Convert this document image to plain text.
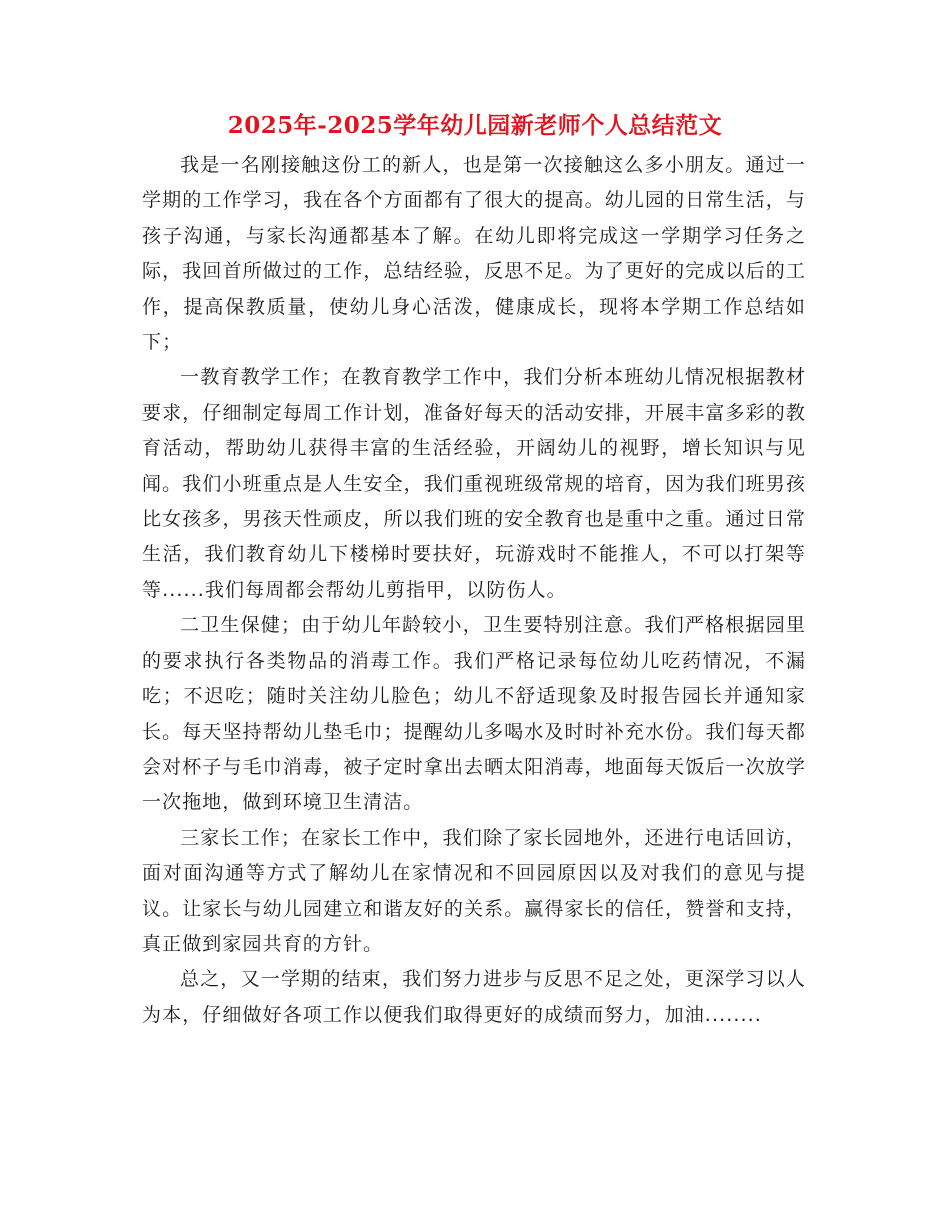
2025年-2025学年幼儿园新老师个人总结范文

我是一名刚接触这份工的新人，也是第一次接触这么多小朋友。通过一学期的工作学习，我在各个方面都有了很大的提高。幼儿园的日常生活，与孩子沟通，与家长沟通都基本了解。在幼儿即将完成这一学期学习任务之际，我回首所做过的工作，总结经验，反思不足。为了更好的完成以后的工作，提高保教质量，使幼儿身心活泼，健康成长，现将本学期工作总结如下；

一教育教学工作；在教育教学工作中，我们分析本班幼儿情况根据教材要求，仔细制定每周工作计划，准备好每天的活动安排，开展丰富多彩的教育活动，帮助幼儿获得丰富的生活经验，开阔幼儿的视野，增长知识与见闻。我们小班重点是人生安全，我们重视班级常规的培育，因为我们班男孩比女孩多，男孩天性顽皮，所以我们班的安全教育也是重中之重。通过日常生活，我们教育幼儿下楼梯时要扶好，玩游戏时不能推人，不可以打架等等......我们每周都会帮幼儿剪指甲，以防伤人。

二卫生保健；由于幼儿年龄较小，卫生要特别注意。我们严格根据园里的要求执行各类物品的消毒工作。我们严格记录每位幼儿吃药情况，不漏吃；不迟吃；随时关注幼儿脸色；幼儿不舒适现象及时报告园长并通知家长。每天坚持帮幼儿垫毛巾；提醒幼儿多喝水及时时补充水份。我们每天都会对杯子与毛巾消毒，被子定时拿出去晒太阳消毒，地面每天饭后一次放学一次拖地，做到环境卫生清洁。

三家长工作；在家长工作中，我们除了家长园地外，还进行电话回访，面对面沟通等方式了解幼儿在家情况和不回园原因以及对我们的意见与提议。让家长与幼儿园建立和谐友好的关系。赢得家长的信任，赞誉和支持，真正做到家园共育的方针。

总之，又一学期的结束，我们努力进步与反思不足之处，更深学习以人为本，仔细做好各项工作以便我们取得更好的成绩而努力，加油........
